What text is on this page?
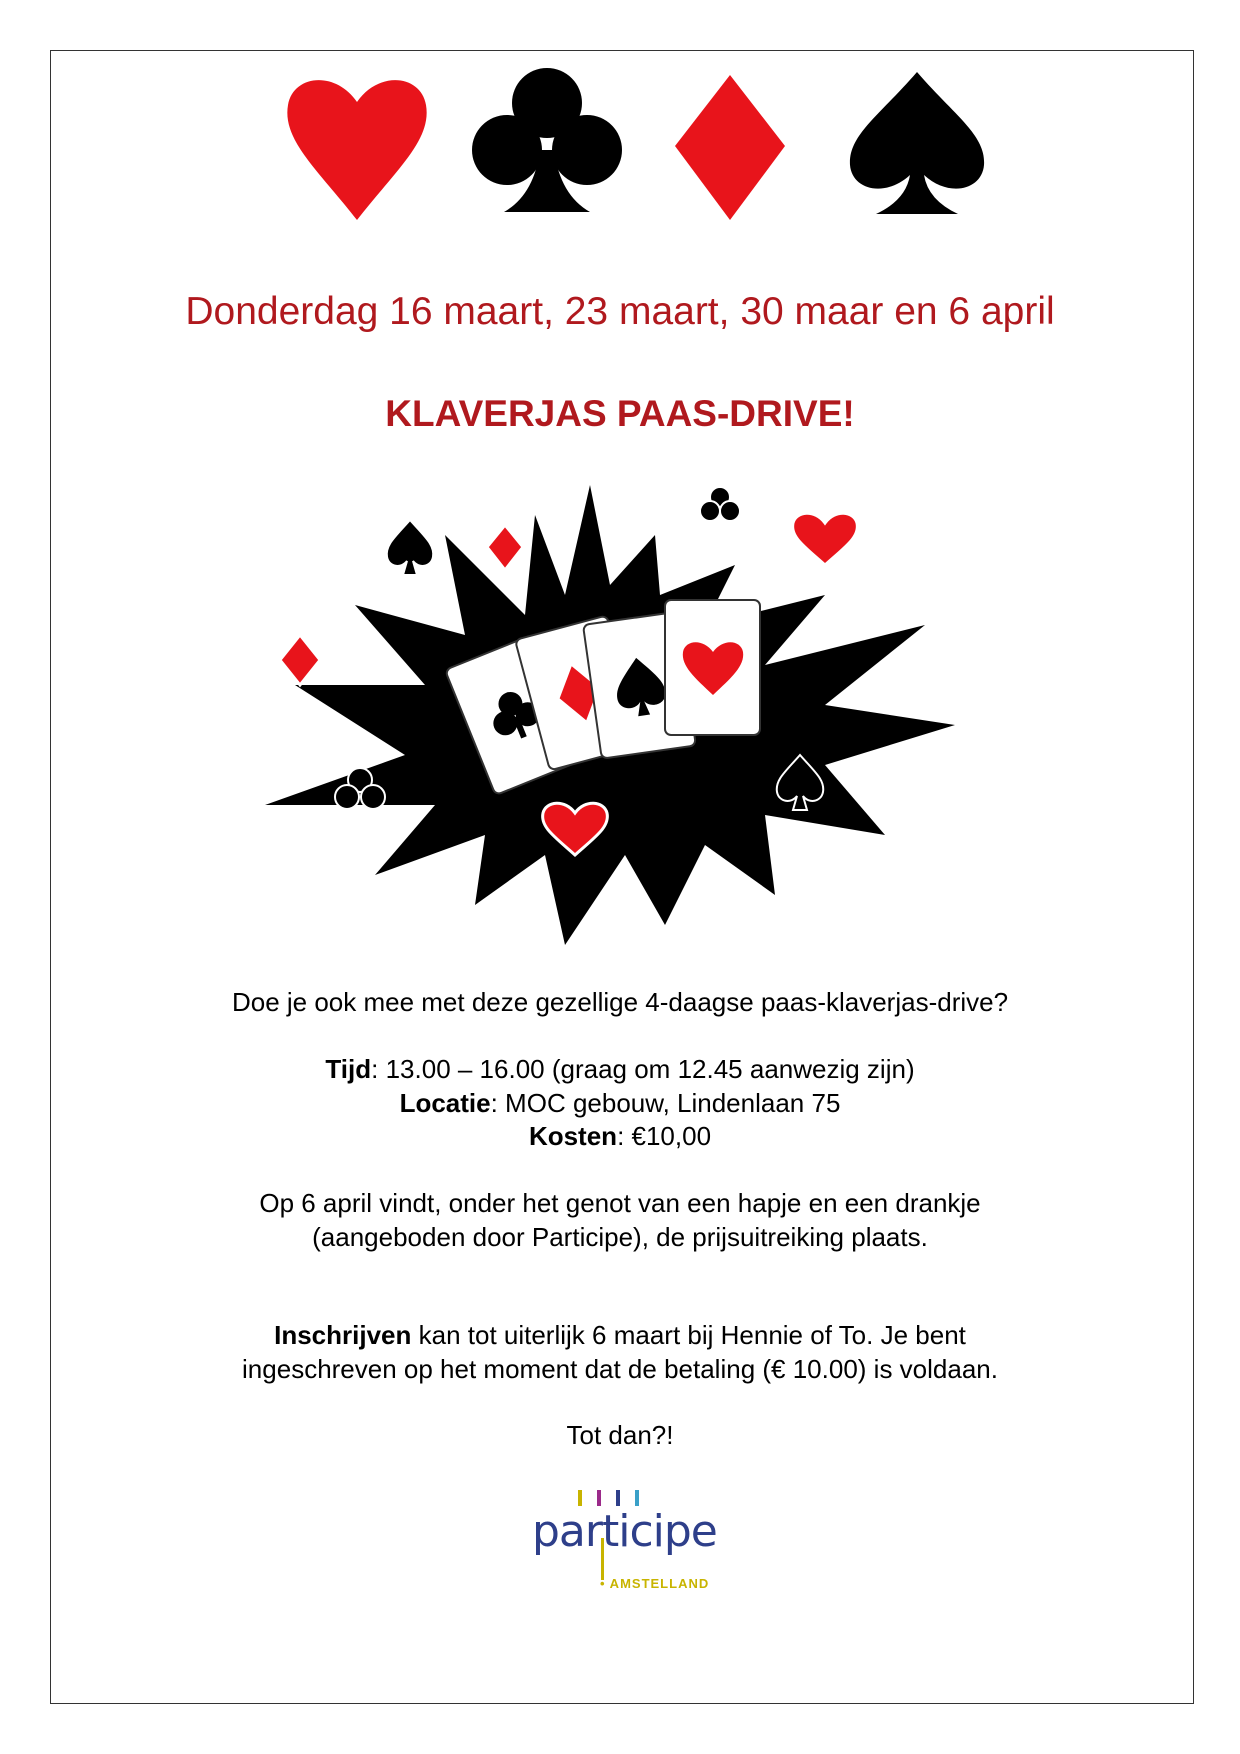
Donderdag 16 maart, 23 maart, 30 maar en 6 april
KLAVERJAS PAAS-DRIVE!
Doe je ook mee met deze gezellige 4-daagse paas-klaverjas-drive?
Tijd: 13.00 – 16.00 (graag om 12.45 aanwezig zijn)
Locatie: MOC gebouw, Lindenlaan 75
Kosten: €10,00
Op 6 april vindt, onder het genot van een hapje en een drankje
(aangeboden door Participe), de prijsuitreiking plaats.
Inschrijven kan tot uiterlijk 6 maart bij Hennie of To. Je bent
ingeschreven op het moment dat de betaling (€ 10.00) is voldaan.
Tot dan?!
participe
• AMSTELLAND
